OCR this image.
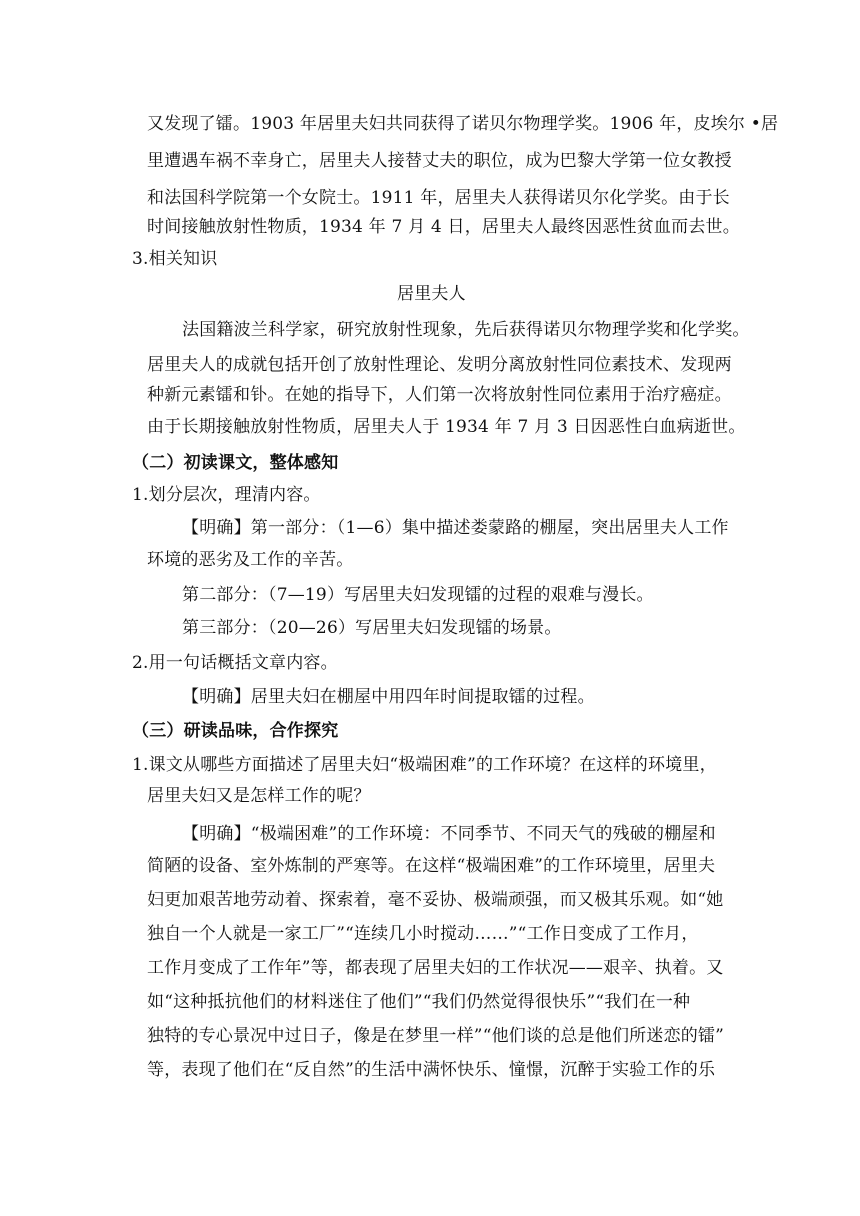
又发现了镭。1903 年居里夫妇共同获得了诺贝尔物理学奖。1906 年，皮埃尔 •居
里遭遇车祸不幸身亡，居里夫人接替丈夫的职位，成为巴黎大学第一位女教授
和法国科学院第一个女院士。1911 年，居里夫人获得诺贝尔化学奖。由于长
时间接触放射性物质，1934 年 7 月 4 日，居里夫人最终因恶性贫血而去世。
3.相关知识
居里夫人
法国籍波兰科学家，研究放射性现象，先后获得诺贝尔物理学奖和化学奖。
居里夫人的成就包括开创了放射性理论、发明分离放射性同位素技术、发现两
种新元素镭和钋。在她的指导下，人们第一次将放射性同位素用于治疗癌症。
由于长期接触放射性物质，居里夫人于 1934 年 7 月 3 日因恶性白血病逝世。
（二）初读课文，整体感知
1.划分层次，理清内容。
【明确】第一部分：（1—6）集中描述娄蒙路的棚屋，突出居里夫人工作
环境的恶劣及工作的辛苦。
第二部分：（7—19）写居里夫妇发现镭的过程的艰难与漫长。
第三部分：（20—26）写居里夫妇发现镭的场景。
2.用一句话概括文章内容。
【明确】居里夫妇在棚屋中用四年时间提取镭的过程。
（三）研读品味，合作探究
1.课文从哪些方面描述了居里夫妇“极端困难”的工作环境？在这样的环境里，
居里夫妇又是怎样工作的呢？
【明确】“极端困难”的工作环境：不同季节、不同天气的残破的棚屋和
简陋的设备、室外炼制的严寒等。在这样“极端困难”的工作环境里，居里夫
妇更加艰苦地劳动着、探索着，毫不妥协、极端顽强，而又极其乐观。如“她
独自一个人就是一家工厂”“连续几小时搅动……”“工作日变成了工作月，
工作月变成了工作年”等，都表现了居里夫妇的工作状况——艰辛、执着。又
如“这种抵抗他们的材料迷住了他们”“我们仍然觉得很快乐”“我们在一种
独特的专心景况中过日子，像是在梦里一样”“他们谈的总是他们所迷恋的镭”
等，表现了他们在“反自然”的生活中满怀快乐、憧憬，沉醉于实验工作的乐
